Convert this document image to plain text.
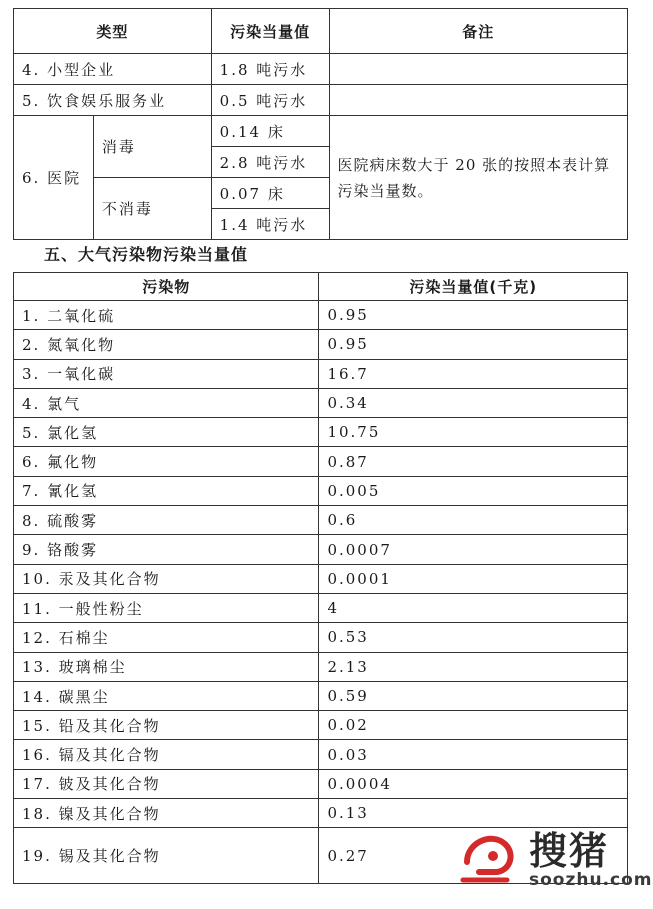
类型		污染当量值	备注
4. 小型企业		1.8 吨污水	
5. 饮食娱乐服务业		0.5 吨污水	
6. 医院	消毒	0.14 床	医院病床数大于 20 张的按照本表计算污染当量数。
		2.8 吨污水	
	不消毒	0.07 床	
		1.4 吨污水	
五、大气污染物污染当量值
污染物	污染当量值(千克)
1. 二氧化硫	0.95
2. 氮氧化物	0.95
3. 一氧化碳	16.7
4. 氯气	0.34
5. 氯化氢	10.75
6. 氟化物	0.87
7. 氰化氢	0.005
8. 硫酸雾	0.6
9. 铬酸雾	0.0007
10. 汞及其化合物	0.0001
11. 一般性粉尘	4
12. 石棉尘	0.53
13. 玻璃棉尘	2.13
14. 碳黑尘	0.59
15. 铅及其化合物	0.02
16. 镉及其化合物	0.03
17. 铍及其化合物	0.0004
18. 镍及其化合物	0.13
19. 锡及其化合物	0.27	搜猪
soozhu.com
